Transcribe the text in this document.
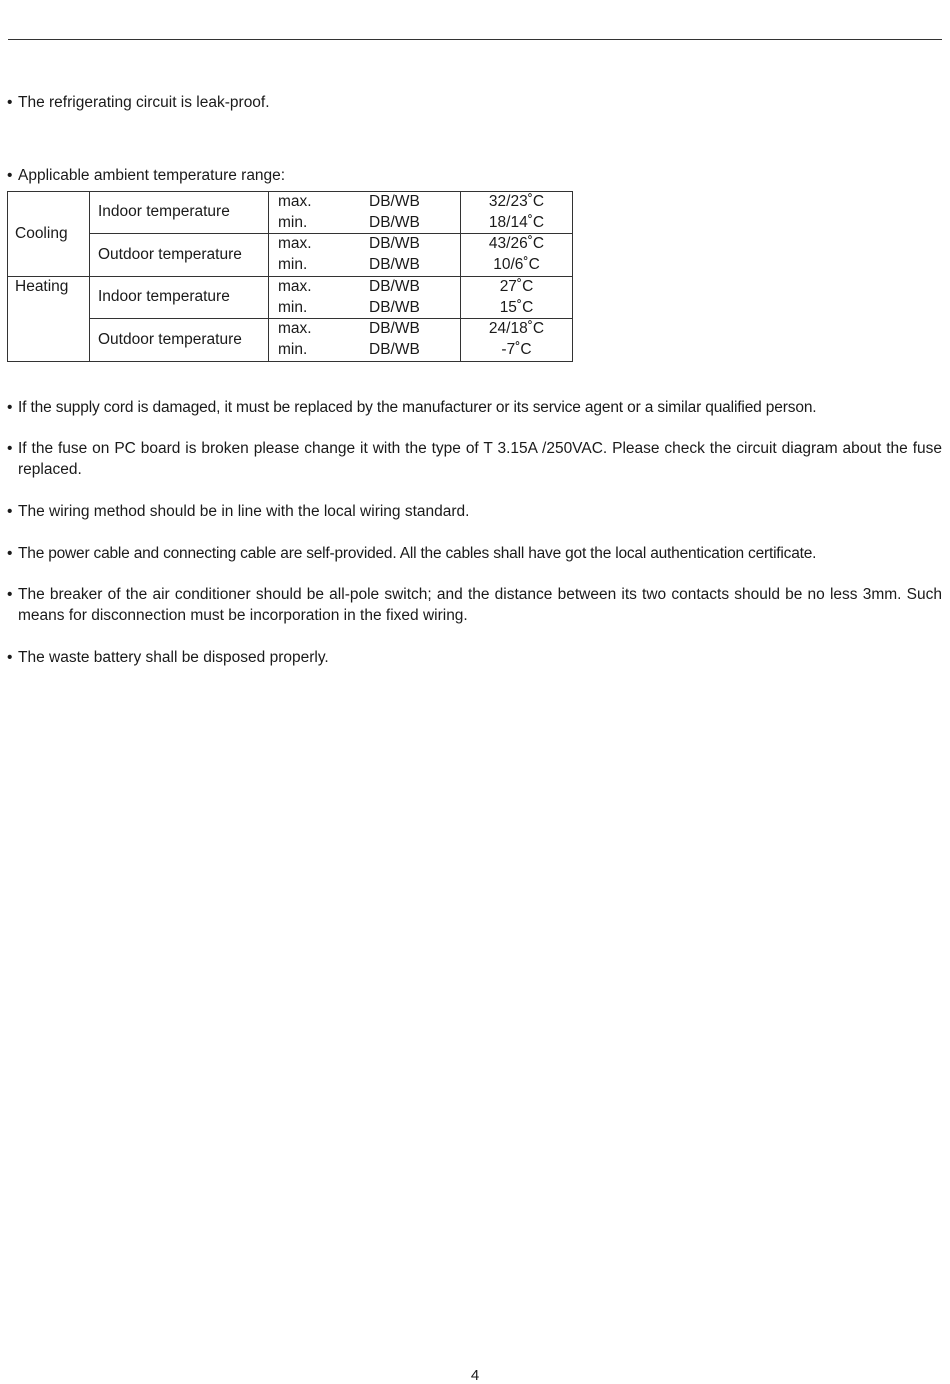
• The refrigerating circuit is leak-proof.
• Applicable ambient temperature range:
Cooling	Indoor temperature	max.	DB/WB	32/23˚C
		min.	DB/WB	18/14˚C
	Outdoor temperature	max.	DB/WB	43/26˚C
		min.	DB/WB	10/6˚C
Heating	Indoor temperature	max.	DB/WB	27˚C
		min.	DB/WB	15˚C
	Outdoor temperature	max.	DB/WB	24/18˚C
		min.	DB/WB	-7˚C
• If the supply cord is damaged, it must be replaced by the manufacturer or its service agent or a similar qualified person.
• If the fuse on PC board is broken please change it with the type of T 3.15A /250VAC. Please check the circuit diagram about the fuse replaced.
• The wiring method should be in line with the local wiring standard.
• The power cable and connecting cable are self-provided. All the cables shall have got the local authentication certificate.
• The breaker of the air conditioner should be all-pole switch; and the distance between its two contacts should be no less 3mm. Such means for disconnection must be incorporation in the fixed wiring.
• The waste battery shall be disposed properly.
4
